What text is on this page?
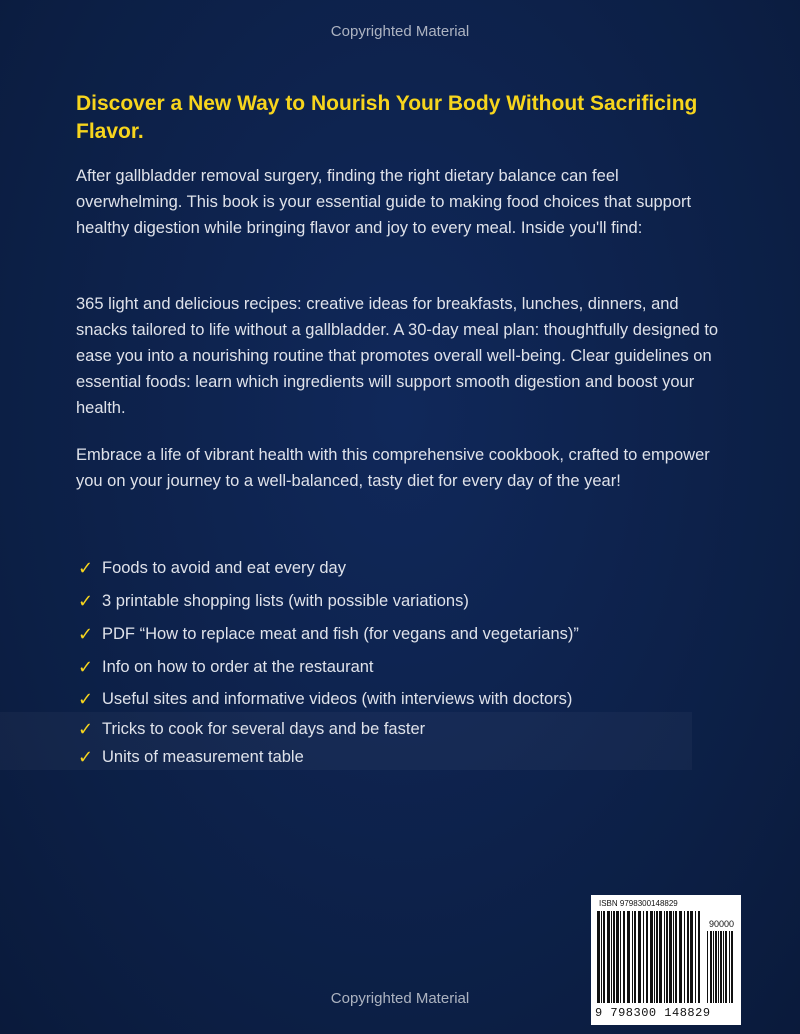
Copyrighted Material
Discover a New Way to Nourish Your Body Without Sacrificing Flavor.

After gallbladder removal surgery, finding the right dietary balance can feel overwhelming. This book is your essential guide to making food choices that support healthy digestion while bringing flavor and joy to every meal. Inside you'll find:

365 light and delicious recipes: creative ideas for breakfasts, lunches, dinners, and snacks tailored to life without a gallbladder. A 30-day meal plan: thoughtfully designed to ease you into a nourishing routine that promotes overall well-being. Clear guidelines on essential foods: learn which ingredients will support smooth digestion and boost your health.

Embrace a life of vibrant health with this comprehensive cookbook, crafted to empower you on your journey to a well-balanced, tasty diet for every day of the year!

✓ Foods to avoid and eat every day
✓ 3 printable shopping lists (with possible variations)
✓ PDF “How to replace meat and fish (for vegans and vegetarians)”
✓ Info on how to order at the restaurant
✓ Useful sites and informative videos (with interviews with doctors)
✓ Tricks to cook for several days and be faster
✓ Units of measurement table
Copyrighted Material
ISBN 9798300148829
90000
9 798300 148829
